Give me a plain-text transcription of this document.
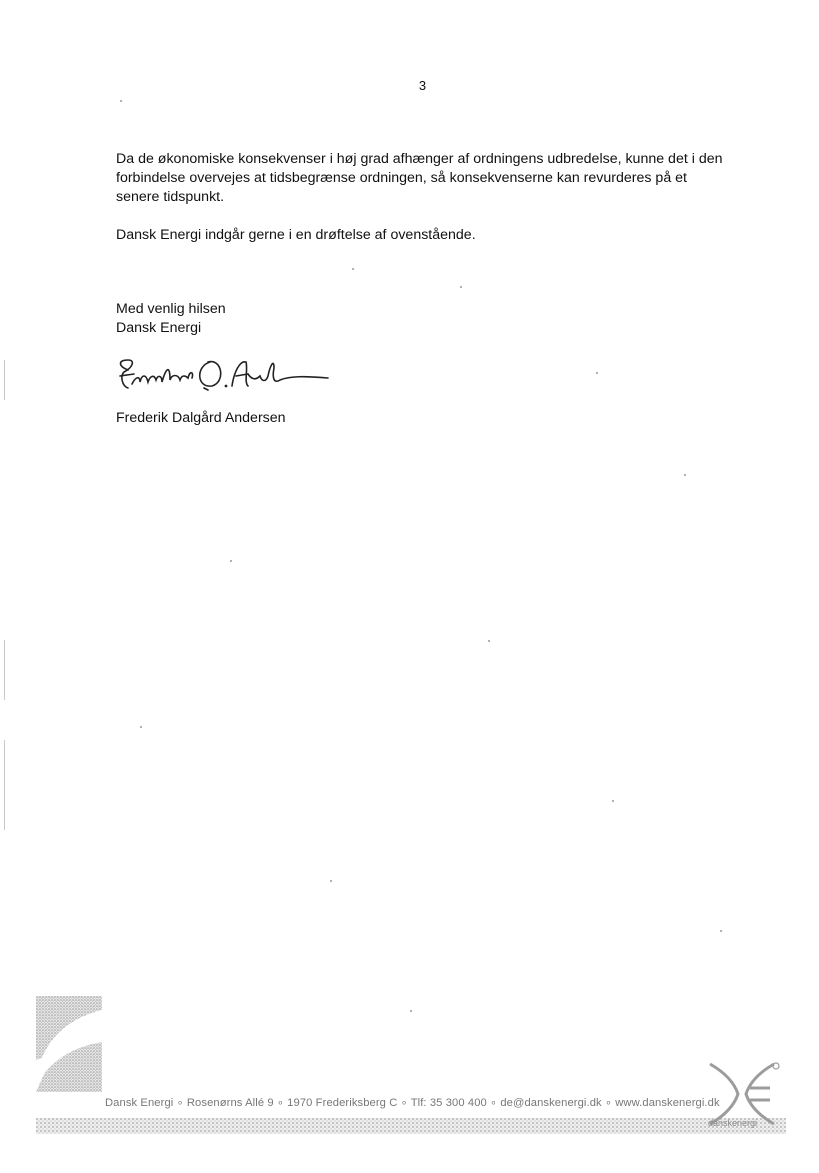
3

Da de økonomiske konsekvenser i høj grad afhænger af ordningens udbredelse, kunne det i den forbindelse overvejes at tidsbegrænse ordningen, så konsekvenserne kan revurderes på et senere tidspunkt.

Dansk Energi indgår gerne i en drøftelse af ovenstående.

Med venlig hilsen
Dansk Energi
Frederik Dalgård Andersen
Dansk Energi ∘ Rosenørns Allé 9 ∘ 1970 Frederiksberg C ∘ Tlf: 35 300 400 ∘ de@danskenergi.dk ∘ www.danskenergi.dk
danskenergi
